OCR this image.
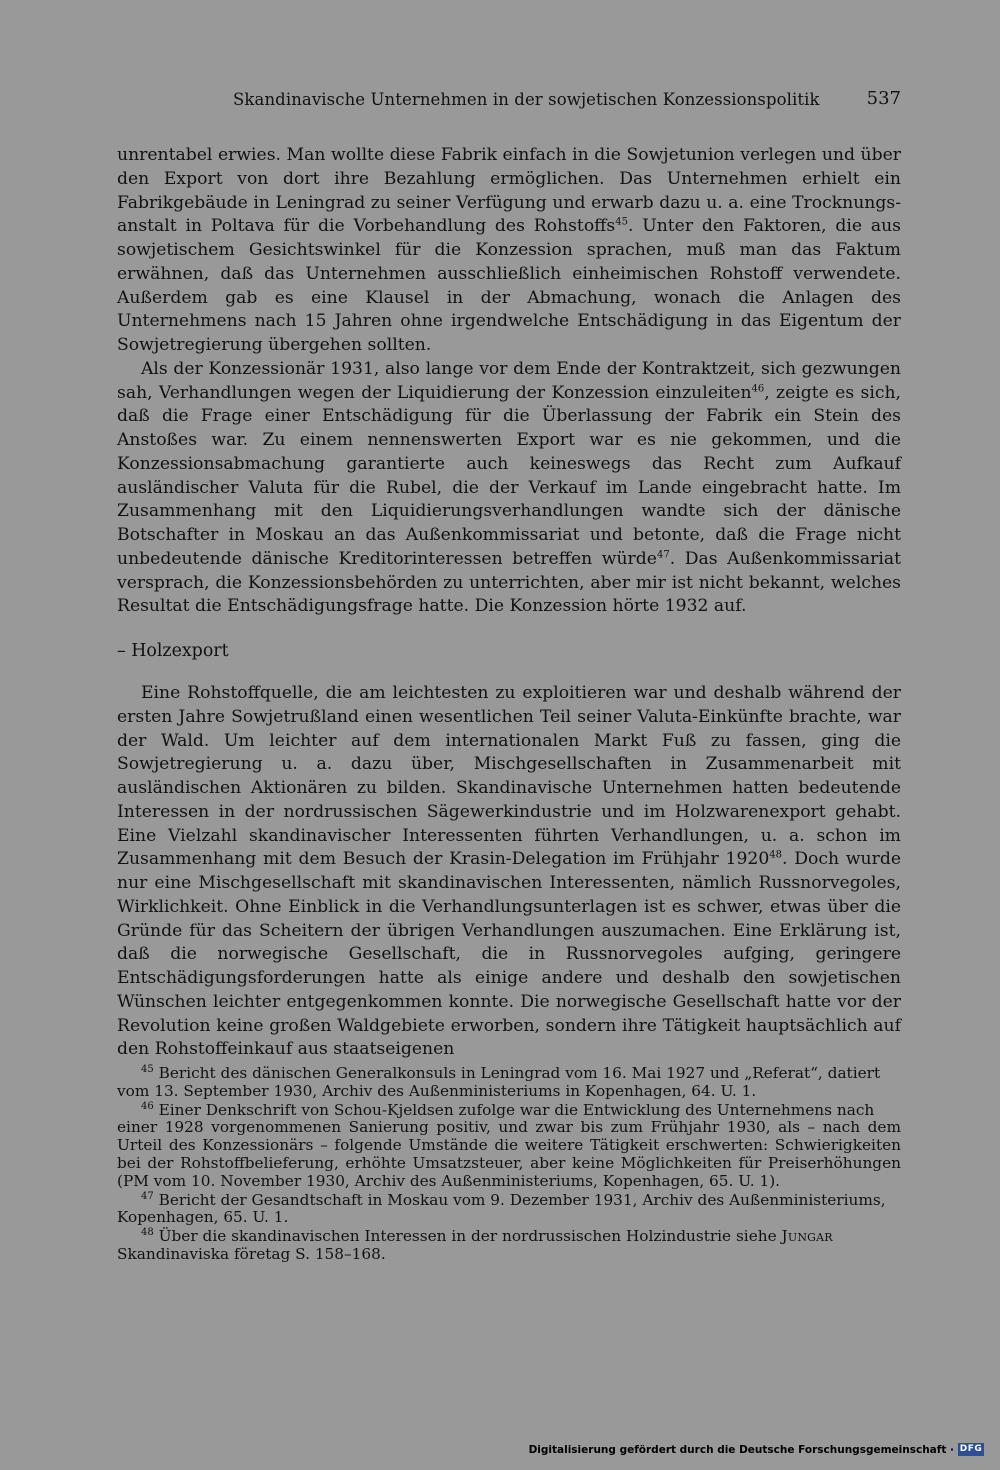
Skandinavische Unternehmen in der sowjetischen Konzessionspolitik	537

unrentabel erwies. Man wollte diese Fabrik einfach in die Sowjetunion verlegen und über den Export von dort ihre Bezahlung ermöglichen. Das Unternehmen erhielt ein Fabrikgebäude in Leningrad zu seiner Verfügung und erwarb dazu u. a. eine Trocknungsanstalt in Poltava für die Vorbehandlung des Rohstoffs$^{45}$. Unter den Faktoren, die aus sowjetischem Gesichtswinkel für die Konzession sprachen, muß man das Faktum erwähnen, daß das Unternehmen ausschließlich einheimischen Rohstoff verwendete. Außerdem gab es eine Klausel in der Abmachung, wonach die Anlagen des Unternehmens nach 15 Jahren ohne irgendwelche Entschädigung in das Eigentum der Sowjetregierung übergehen sollten.

Als der Konzessionär 1931, also lange vor dem Ende der Kontraktzeit, sich gezwungen sah, Verhandlungen wegen der Liquidierung der Konzession einzuleiten$^{46}$, zeigte es sich, daß die Frage einer Entschädigung für die Überlassung der Fabrik ein Stein des Anstoßes war. Zu einem nennenswerten Export war es nie gekommen, und die Konzessionsabmachung garantierte auch keineswegs das Recht zum Aufkauf ausländischer Valuta für die Rubel, die der Verkauf im Lande eingebracht hatte. Im Zusammenhang mit den Liquidierungsverhandlungen wandte sich der dänische Botschafter in Moskau an das Außenkommissariat und betonte, daß die Frage nicht unbedeutende dänische Kreditorinteressen betreffen würde$^{47}$. Das Außenkommissariat versprach, die Konzessionsbehörden zu unterrichten, aber mir ist nicht bekannt, welches Resultat die Entschädigungsfrage hatte. Die Konzession hörte 1932 auf.

– Holzexport

Eine Rohstoffquelle, die am leichtesten zu exploitieren war und deshalb während der ersten Jahre Sowjetrußland einen wesentlichen Teil seiner Valuta-Einkünfte brachte, war der Wald. Um leichter auf dem internationalen Markt Fuß zu fassen, ging die Sowjetregierung u. a. dazu über, Mischgesellschaften in Zusammenarbeit mit ausländischen Aktionären zu bilden. Skandinavische Unternehmen hatten bedeutende Interessen in der nordrussischen Sägewerkindustrie und im Holzwarenexport gehabt. Eine Vielzahl skandinavischer Interessenten führten Verhandlungen, u. a. schon im Zusammenhang mit dem Besuch der Krasin-Delegation im Frühjahr 1920$^{48}$. Doch wurde nur eine Mischgesellschaft mit skandinavischen Interessenten, nämlich Russnorvegoles, Wirklichkeit. Ohne Einblick in die Verhandlungsunterlagen ist es schwer, etwas über die Gründe für das Scheitern der übrigen Verhandlungen auszumachen. Eine Erklärung ist, daß die norwegische Gesellschaft, die in Russnorvegoles aufging, geringere Entschädigungsforderungen hatte als einige andere und deshalb den sowjetischen Wünschen leichter entgegenkommen konnte. Die norwegische Gesellschaft hatte vor der Revolution keine großen Waldgebiete erworben, sondern ihre Tätigkeit hauptsächlich auf den Rohstoffeinkauf aus staatseigenen

$^{45}$ Bericht des dänischen Generalkonsuls in Leningrad vom 16. Mai 1927 und „Referat“, datiert
vom 13. September 1930, Archiv des Außenministeriums in Kopenhagen, 64. U. 1.
$^{46}$ Einer Denkschrift von Schou-Kjeldsen zufolge war die Entwicklung des Unternehmens nach
einer 1928 vorgenommenen Sanierung positiv, und zwar bis zum Frühjahr 1930, als – nach dem Urteil des Konzessionärs – folgende Umstände die weitere Tätigkeit erschwerten: Schwierigkeiten bei der Rohstoffbelieferung, erhöhte Umsatzsteuer, aber keine Möglichkeiten für Preiserhöhungen (PM vom 10. November 1930, Archiv des Außenministeriums, Kopenhagen, 65. U. 1).
$^{47}$ Bericht der Gesandtschaft in Moskau vom 9. Dezember 1931, Archiv des Außenministeriums,
Kopenhagen, 65. U. 1.
$^{48}$ Über die skandinavischen Interessen in der nordrussischen Holzindustrie siehe Jungar
Skandinaviska företag S. 158–168.
Digitalisierung gefördert durch die Deutsche Forschungsgemeinschaft · DFG
